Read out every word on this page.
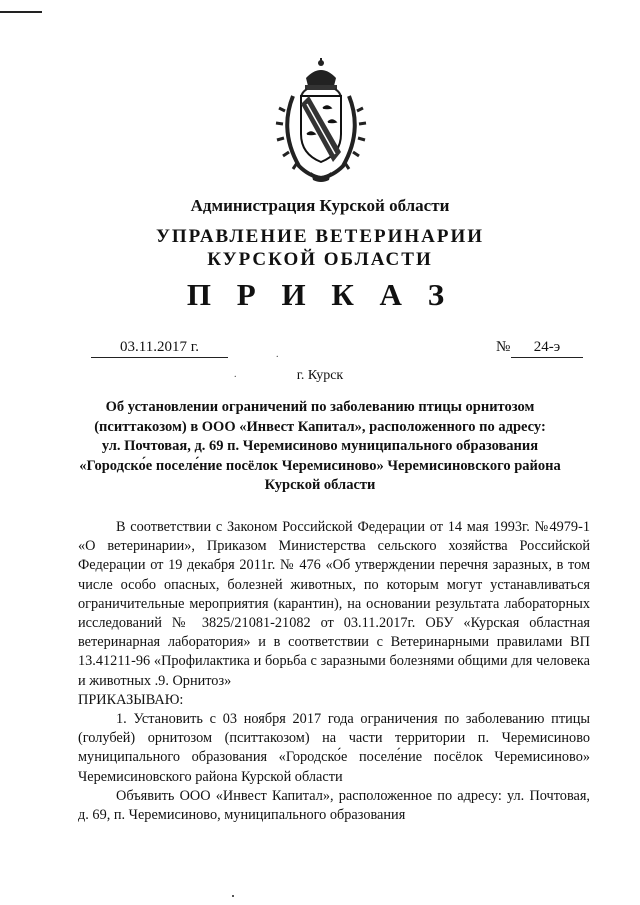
Администрация Курской области
УПРАВЛЕНИЕ ВЕТЕРИНАРИИ
КУРСКОЙ ОБЛАСТИ
П Р И К А З
03.11.2017 г.	№	24-э
.
.	г. Курск
Об установлении ограничений по заболеванию птицы орнитозом
(пситтакозом) в ООО «Инвест Капитал», расположенного по адресу:
ул. Почтовая, д. 69 п. Черемисиново муниципального образования
«Городско́е поселе́ние посёлок Черемисиново» Черемисиновского района
Курской области

В соответствии с Законом Российской Федерации от 14 мая 1993г. №4979-1 «О ветеринарии», Приказом Министерства сельского хозяйства Российской Федерации от 19 декабря 2011г. № 476 «Об утверждении перечня заразных, в том числе особо опасных, болезней животных, по которым могут устанавливаться ограничительные мероприятия (карантин), на основании результата лабораторных исследований № 3825/21081-21082 от 03.11.2017г. ОБУ «Курская областная ветеринарная лаборатория» и в соответствии с Ветеринарными правилами ВП 13.41211-96 «Профилактика и борьба с заразными болезнями общими для человека и животных .9. Орнитоз»

ПРИКАЗЫВАЮ:

1. Установить с 03 ноября 2017 года ограничения по заболеванию птицы (голубей) орнитозом (пситтакозом) на части территории п. Черемисиново муниципального образования «Городско́е поселе́ние посёлок Черемисиново» Черемисиновского района Курской области

Объявить ООО «Инвест Капитал», расположенное по адресу: ул. Почтовая, д. 69, п. Черемисиново, муниципального образования
